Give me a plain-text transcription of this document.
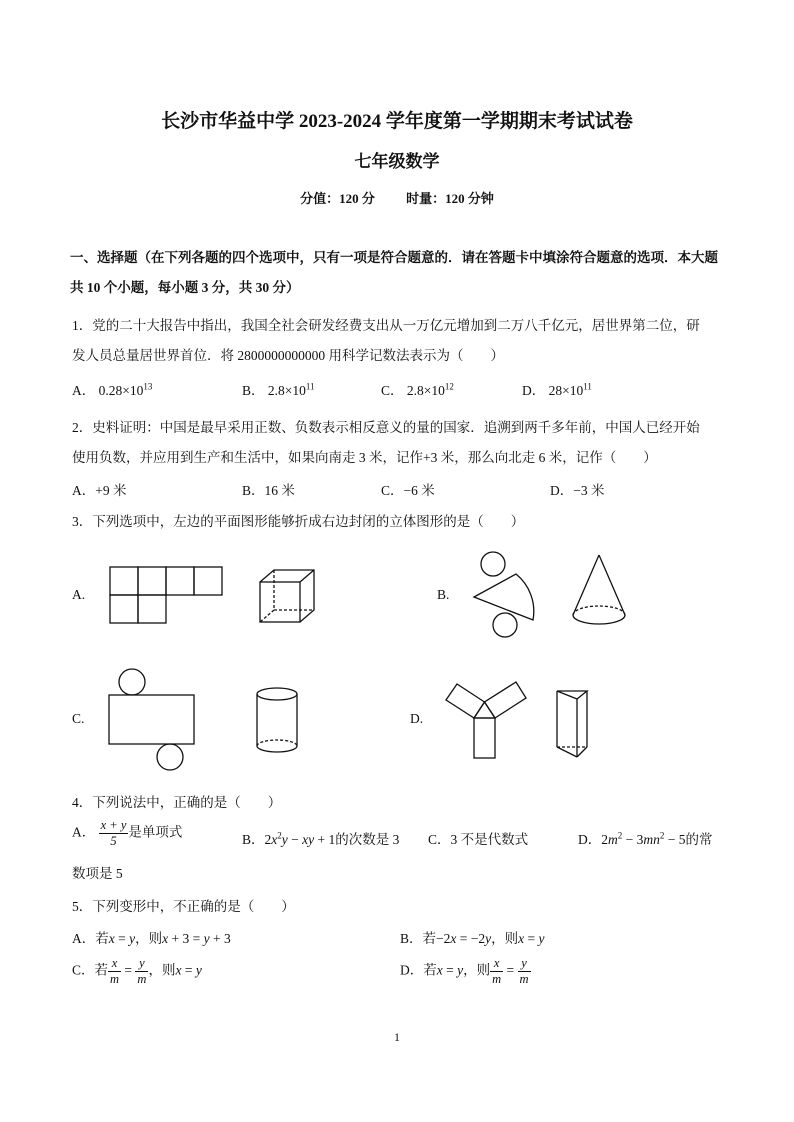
长沙市华益中学 2023-2024 学年度第一学期期末考试试卷
七年级数学
分值：120 分 时量：120 分钟
一、选择题（在下列各题的四个选项中，只有一项是符合题意的．请在答题卡中填涂符合题意的选项．本大题共 10 个小题，每小题 3 分，共 30 分）
1．党的二十大报告中指出，我国全社会研发经费支出从一万亿元增加到二万八千亿元，居世界第二位，研
发人员总量居世界首位．将 2800000000000 用科学记数法表示为（　　）
A． $0.28\times 10^{13}$	B． $2.8\times 10^{11}$	C． $2.8\times 10^{12}$	D． $28\times 10^{11}$
2．史料证明：中国是最早采用正数、负数表示相反意义的量的国家．追溯到两千多年前，中国人已经开始
使用负数，并应用到生产和生活中，如果向南走 3 米，记作+3 米，那么向北走 6 米，记作（　　）
A．+9 米	B．16 米	C．−6 米	D．−3 米
3．下列选项中，左边的平面图形能够折成右边封闭的立体图形的是（　　）
A.	B.
C.	D.
4．下列说法中，正确的是（　　）
A． $\frac{x + y}{5}$ 是单项式	B．$2x^2y$ − xy + 1的次数是 3 C．3 不是代数式	D．$2m^2 - 3mn^2 - 5$的常
数项是 5
5．下列变形中，不正确的是（　　）
A．若x = y，则x + 3 = y + 3	B．若−2x = −2y，则x = y
C．若 $\frac{x}{m} = \frac{y}{m}$ ，则x = y	D．若x = y，则 $\frac{x}{m} = \frac{y}{m}$
1
